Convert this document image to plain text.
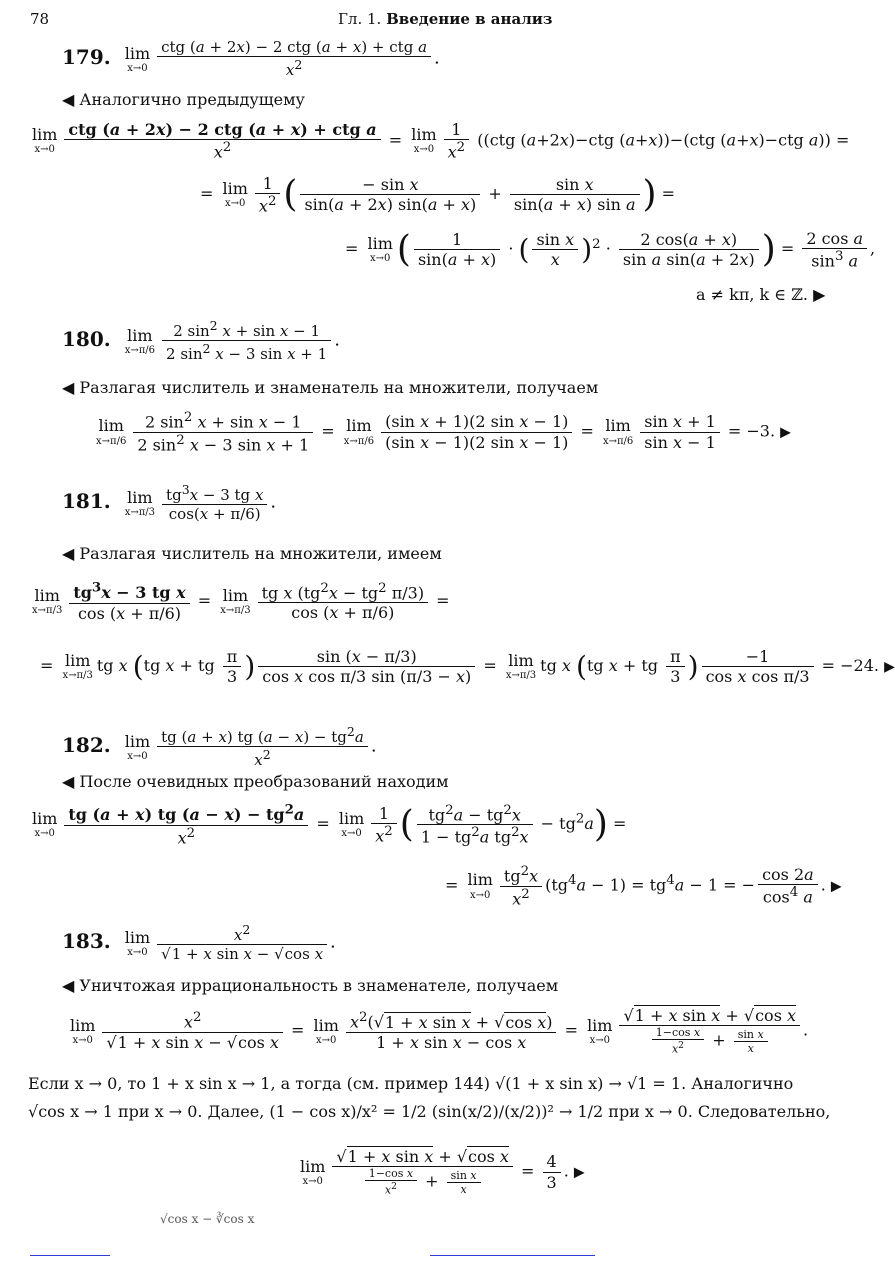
78	Гл. 1. Введение в анализ
179. lim
$x\to 0 \frac{\text{ctg (a + 2x) − 2 ctg (a + x) + ctg a}}{x^2}$ .
◀ Аналогично предыдущему
lim
$x\to 0 \frac{\text{ctg (a + 2x) − 2 ctg (a + x) + ctg a}}{x^2} = \lim$
$x\to 0 \frac{1}{x^2} ((ctg$ (a+2x)−ctg (a+x))−(ctg (a+x)−ctg a)) =
= lim
$x\to 0 \frac{1}{x^2}$ ( $\frac{\text{− sin x}}{\sin(a + 2x) \sin(a + x)} + \frac{\text{sin x}}{\text{sin(a + x) sin a}}$ ) =
= lim
x→0 ( $\frac{1}{\sin(a + x)}$ · ( $\frac{\text{sin x}}{x} )^2 \cdot \frac{2 \cos(a + x)}{\text{sin a sin(a + 2x)}}$ ) = $\frac{\text{2 cos a}}{\sin^3 a}$ ,
a ≠ kπ, k ∈ ℤ. ▶
180. lim
$x\to\pi/6 \frac{2 \sin^2 x + \sin x - 1}{2 \sin^2 x - 3 \sin x + 1}$ .
◀ Разлагая числитель и знаменатель на множители, получаем
lim
$x\to\pi/6 \frac{2 \sin^2 x + \sin x - 1}{2 \sin^2 x - 3 \sin x + 1} = \lim$
$x\to\pi/6 \frac{\text{(sin x + 1)(2 sin x − 1)}}{\text{(sin x − 1)(2 sin x − 1)}} = \lim$
$x\to\pi/6 \frac{\text{sin x + 1}}{\text{sin x − 1}} = -3$. ▶
181. lim
$x\to\pi/3 \frac{tg^3x - 3 tg x}{\cos(x + \pi/6)}$ .
◀ Разлагая числитель на множители, имеем
lim
$x\to\pi/3 \frac{tg^3x - 3 tg x}{\cos (x + \pi/6)} = \lim$
$x\to\pi/3 \frac{tg x (tg^2x - tg^2 \pi/3)}{\cos (x + \pi/6)}$ =
= lim
x→π/3
tg x (tg x + tg $\frac{\pi}{3}$ ) $\frac{\sin (x - \pi/3)}{\text{cos x cos π/3 sin (π/3 − x)}} = \lim$
x→π/3
tg x (tg x + tg $\frac{\pi}{3}$ ) $\frac{-1}{\text{cos x cos π/3}} = -24$. ▶
182. lim
$x\to 0 \frac{tg (a + x) tg (a - x) - tg^2a}{x^2}$ .
◀ После очевидных преобразований находим
lim
$x\to 0 \frac{tg (a + x) tg (a - x) - tg^2a}{x^2} = \lim$
$x\to 0 \frac{1}{x^2}$ ( $\frac{tg^2a - tg^2x}{1 - tg^2a tg^2x} - tg^2a$) =
= lim
$x\to 0 \frac{tg^2x}{x^2} (tg^4a - 1) = tg^4a - 1$ = − $\frac{\cos 2a}{\cos^4 a}$ . ▶
183. lim
$x\to 0 \frac{x^2}{\text{√1 + x sin x − √cos x}}$ .
◀ Уничтожая иррациональность в знаменателе, получаем
lim
$x\to 0 \frac{x^2}{\text{√1 + x sin x − √cos x}} = \lim$
$x\to 0 \frac{x^2(√1 + x \sin x + √\cos x)}{\text{1 + x sin x − cos x}} = \lim$
$x\to 0 \frac{\text{√1 + x sin x + √cos x}}{\frac{\text{1−cos x}}{x^2} + \frac{\text{sin x}}{x}}$ .
Если x → 0, то 1 + x sin x → 1, а тогда (см. пример 144) √(1 + x sin x) → √1 = 1. Аналогично
√cos x → 1 при x → 0. Далее, (1 − cos x)/x² = 1/2 (sin(x/2)/(x/2))² → 1/2 при x → 0. Следовательно,
lim
$x\to 0 \frac{\text{√1 + x sin x + √cos x}}{\frac{\text{1−cos x}}{x^2} + \frac{\text{sin x}}{x}} = \frac{4}{3}$ . ▶
√cos x − ∛cos x
